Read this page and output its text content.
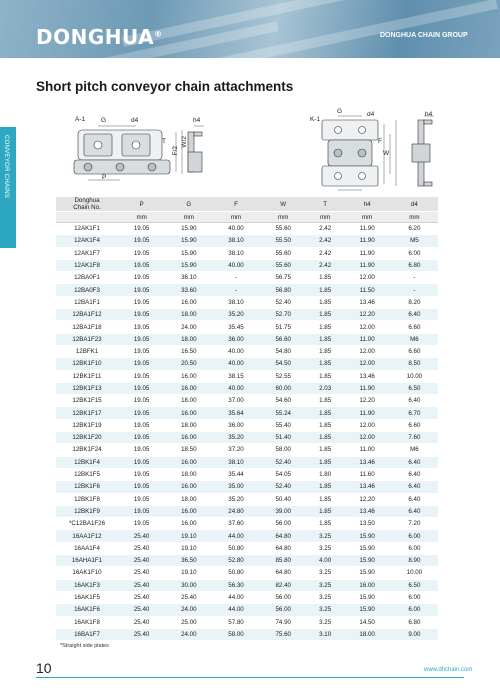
DONGHUA®	DONGHUA CHAIN GROUP
Short pitch conveyor chain attachments
CONVEYOR CHAINS
A-1 G	d4	h4
T
F/2
W/2
P
K-1
G	d4	h4
F
W
Donghua
Chain No.	P	G	F	W	T	h4	d4
	mm	mm	mm	mm	mm	mm	mm
12AK1F1	19.05	15.90	40.00	55.60	2.42	11.90	6.20
12AK1F4	19.05	15.90	38.10	55.50	2.42	11.90	M5
12AK1F7	19.05	15.90	38.10	55.60	2.42	11.90	6.00
12AK1F8	19.05	15.90	40.00	55.60	2.42	11.90	6.80
12BA0F1	19.05	36.10	-	56.75	1.85	12.00	-
12BA0F3	19.05	33.60	-	56.80	1.85	11.50	-
12BA1F1	19.05	16.00	38.10	52.40	1.85	13.46	8.20
12BA1F12	19.05	18.00	35.20	52.70	1.85	12.20	6.40
12BA1F18	19.05	24.00	35.45	51.75	1.85	12.00	6.60
12BA1F23	19.05	18.00	36.00	56.60	1.85	11.00	M6
12BFK1	19.05	16.50	40.00	54.80	1.85	12.00	6.60
12BK1F10	19.05	20.50	40.00	54.50	1.85	12.00	8.50
12BK1F11	19.05	16.00	38.15	52.55	1.85	13.46	10.00
12BK1F13	19.05	16.00	40.00	60.00	2.03	11.90	6.50
12BK1F15	19.05	18.00	37.00	54.60	1.85	12.20	6.40
12BK1F17	19.05	16.00	35.64	55.24	1.85	11.90	6.70
12BK1F19	19.05	18.00	36.00	55.40	1.85	12.00	6.60
12BK1F20	19.05	16.00	35.20	51.40	1.85	12.00	7.60
12BK1F24	19.05	18.50	37.20	58.00	1.85	11.00	M6
12BK1F4	19.05	16.00	38.10	52.40	1.85	13.46	6.40
12BK1F5	19.05	18.00	35.44	54.05	1.80	11.60	6.40
12BK1F6	19.05	16.00	35.00	52.40	1.85	13.46	6.40
12BK1F8	19.05	18.00	35.20	50.40	1.85	12.20	6.40
12BK1F9	19.05	16.00	24.80	39.00	1.85	13.46	6.40
*C12BA1F26	19.05	16.00	37.60	56.00	1.85	13.50	7.20
16AA1F12	25.40	19.10	44.00	64.80	3.25	15.90	6.00
16AA1F4	25.40	19.10	50.80	64.80	3.25	15.90	6.00
16AHA1F1	25.40	36.50	52.80	85.80	4.00	15.90	8.90
16AK1F10	25.40	19.10	50.80	64.80	3.25	15.90	10.00
16AK1F3	25.40	30.00	56.30	82.40	3.25	16.00	6.50
16AK1F5	25.40	25.40	44.00	56.00	3.25	15.90	6.00
16AK1F6	25.40	24.00	44.00	56.00	3.25	15.90	6.00
16AK1F8	25.40	25.00	57.80	74.90	3.25	14.50	6.80
16BA1F7	25.40	24.00	58.00	75.60	3.10	18.00	9.00
*Straight side plates
10	www.dhchain.com
